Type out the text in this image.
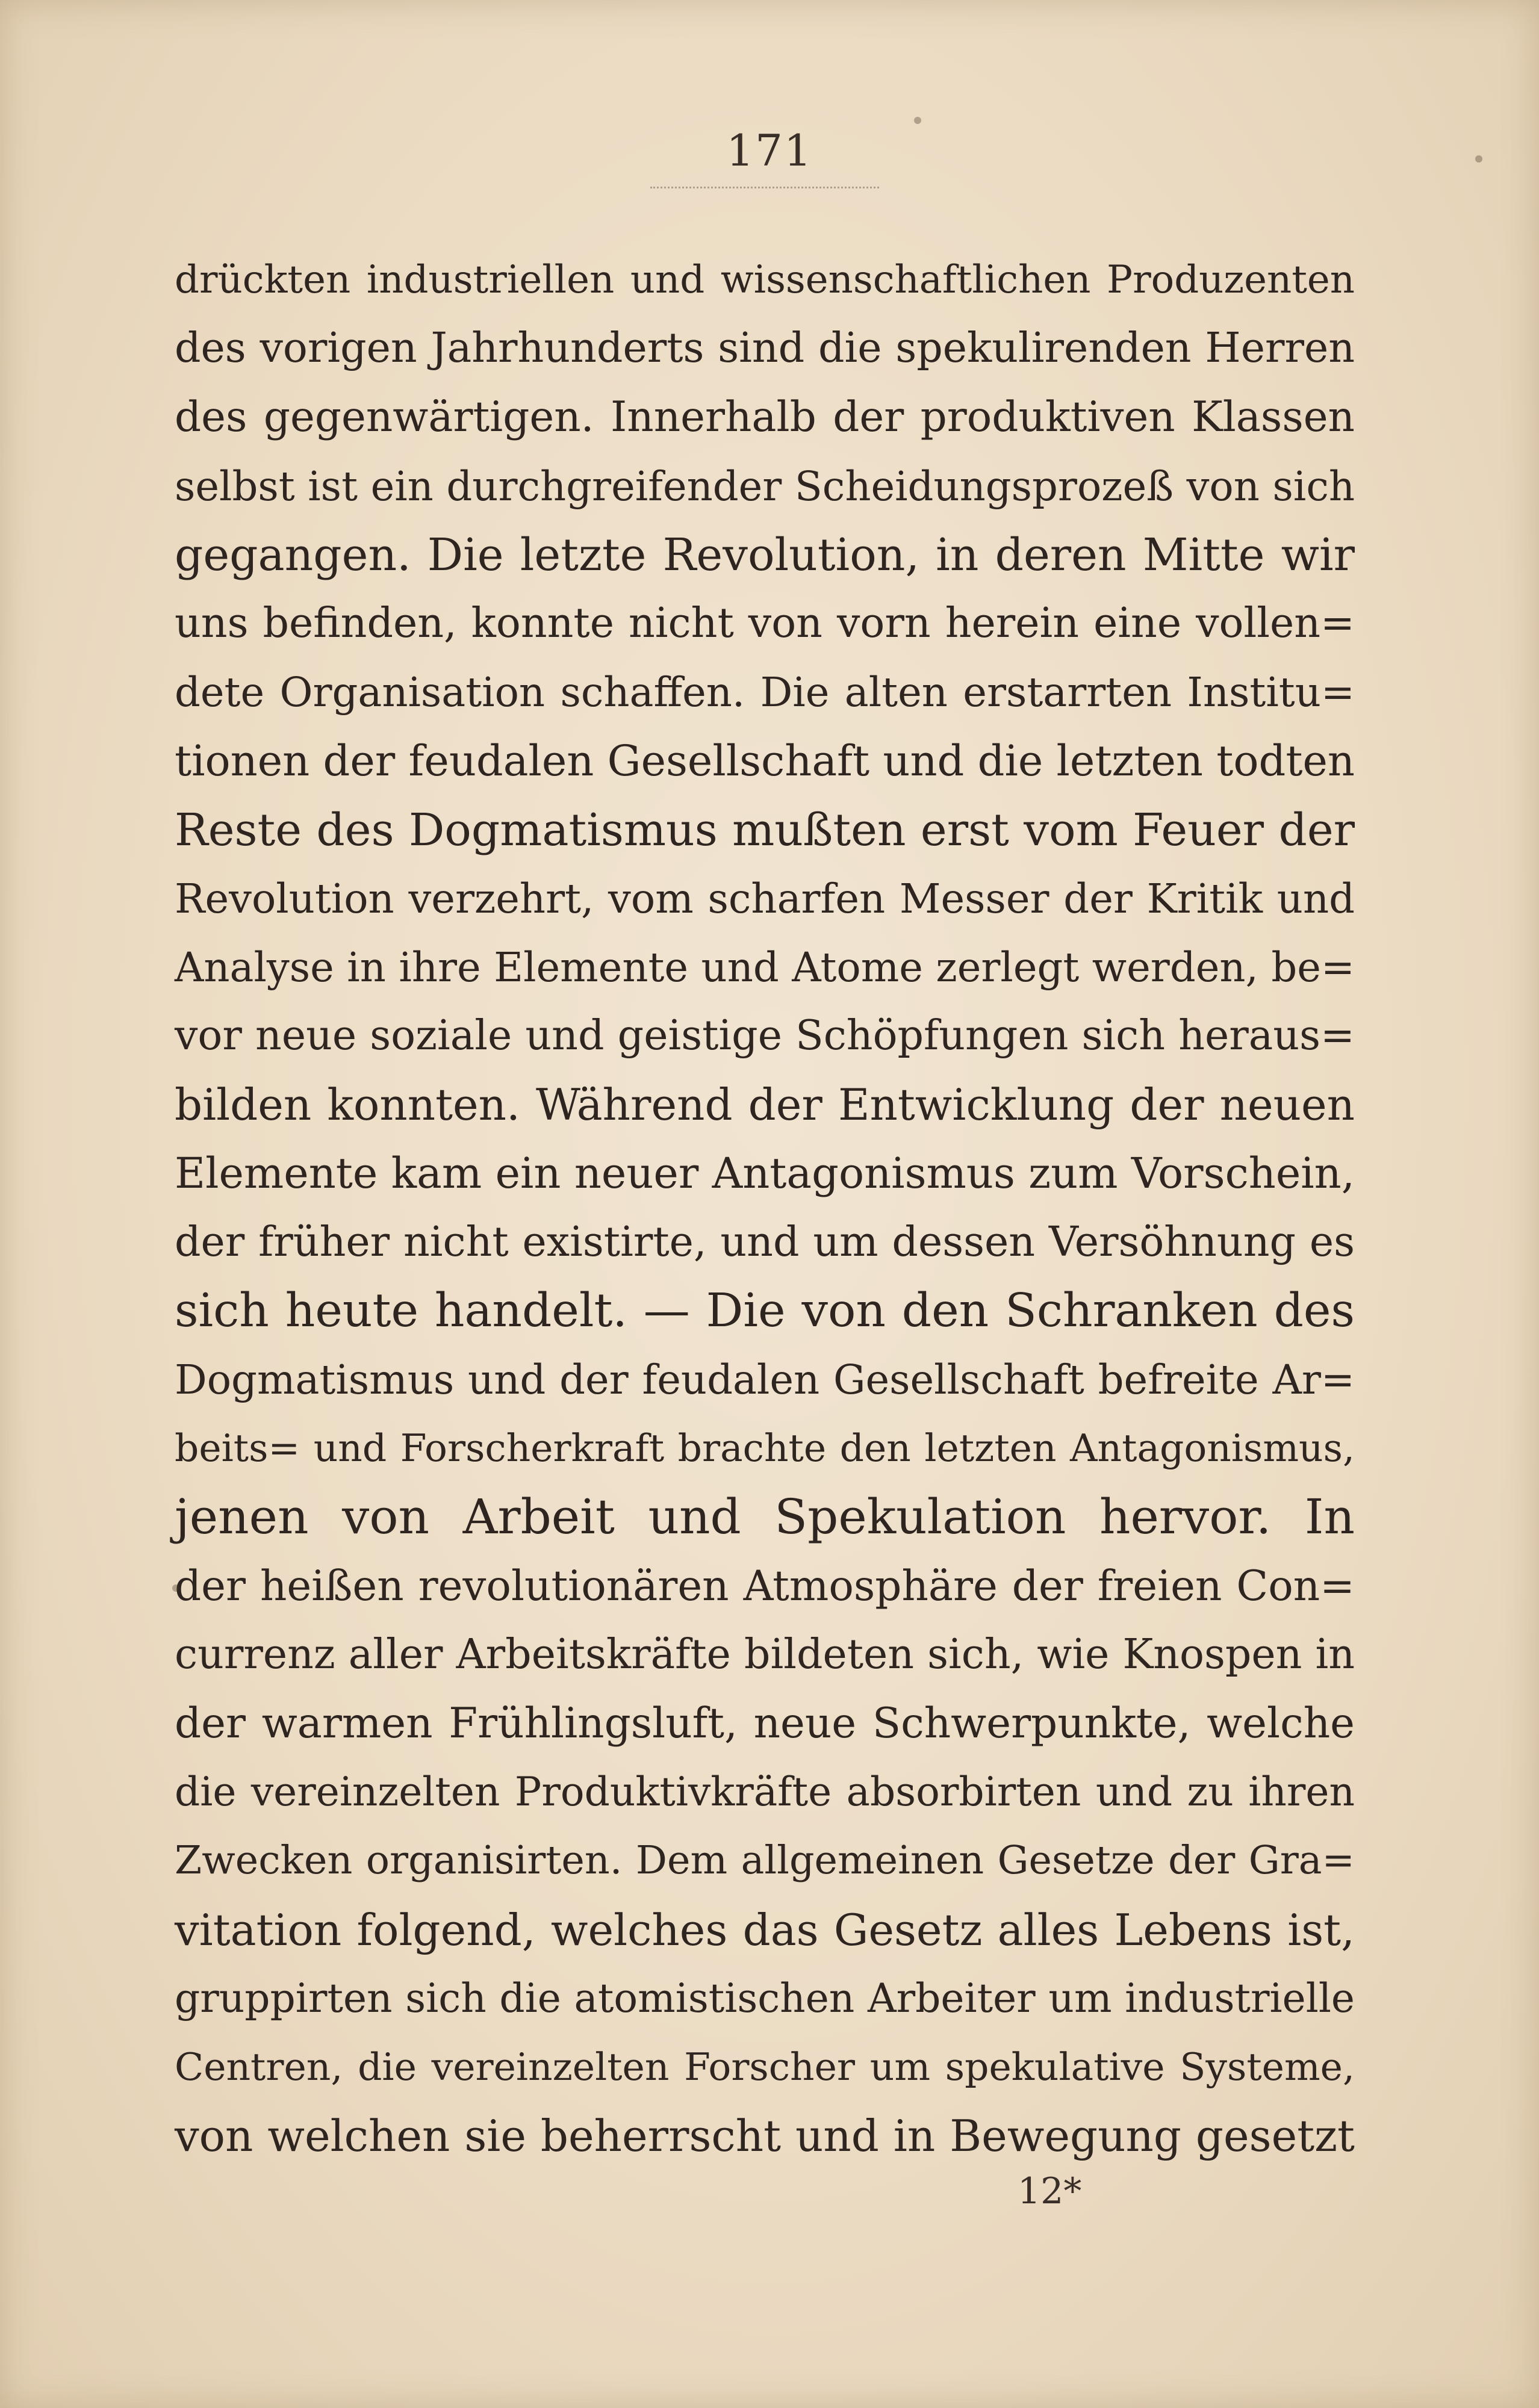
171
drückten industriellen und wissenschaftlichen Produzenten
des vorigen Jahrhunderts sind die spekulirenden Herren
des gegenwärtigen. Innerhalb der produktiven Klassen
selbst ist ein durchgreifender Scheidungsprozeß von sich
gegangen. Die letzte Revolution, in deren Mitte wir
uns befinden, konnte nicht von vorn herein eine vollen=
dete Organisation schaffen. Die alten erstarrten Institu=
tionen der feudalen Gesellschaft und die letzten todten
Reste des Dogmatismus mußten erst vom Feuer der
Revolution verzehrt, vom scharfen Messer der Kritik und
Analyse in ihre Elemente und Atome zerlegt werden, be=
vor neue soziale und geistige Schöpfungen sich heraus=
bilden konnten. Während der Entwicklung der neuen
Elemente kam ein neuer Antagonismus zum Vorschein,
der früher nicht existirte, und um dessen Versöhnung es
sich heute handelt. — Die von den Schranken des
Dogmatismus und der feudalen Gesellschaft befreite Ar=
beits= und Forscherkraft brachte den letzten Antagonismus,
jenen von Arbeit und Spekulation hervor. In
der heißen revolutionären Atmosphäre der freien Con=
currenz aller Arbeitskräfte bildeten sich, wie Knospen in
der warmen Frühlingsluft, neue Schwerpunkte, welche
die vereinzelten Produktivkräfte absorbirten und zu ihren
Zwecken organisirten. Dem allgemeinen Gesetze der Gra=
vitation folgend, welches das Gesetz alles Lebens ist,
gruppirten sich die atomistischen Arbeiter um industrielle
Centren, die vereinzelten Forscher um spekulative Systeme,
von welchen sie beherrscht und in Bewegung gesetzt
12*
